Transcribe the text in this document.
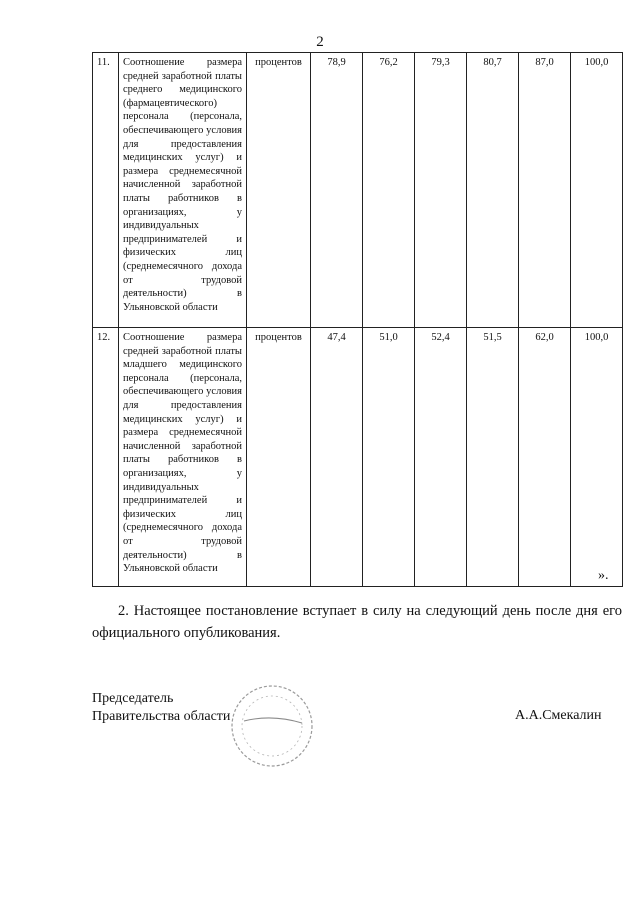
2
11.	Соотношение размера средней заработной платы среднего медицинского (фармацевтического) персонала (персонала, обеспечивающего условия для предоставления медицинских услуг) и размера среднемесячной начисленной заработной платы работников в организациях, у индивидуальных предпринимателей и физических лиц (среднемесячного дохода от трудовой деятельности) в Ульяновской области	процентов	78,9	76,2	79,3	80,7	87,0	100,0
12.	Соотношение размера средней заработной платы младшего медицинского персонала (персонала, обеспечивающего условия для предоставления медицинских услуг) и размера среднемесячной начисленной заработной платы работников в организациях, у индивидуальных предпринимателей и физических лиц (среднемесячного дохода от трудовой деятельности) в Ульяновской области	процентов	47,4	51,0	52,4	51,5	62,0	100,0
».
2. Настоящее постановление вступает в силу на следующий день после дня его официального опубликования.
Председатель
Правительства области	А.А.Смекалин
